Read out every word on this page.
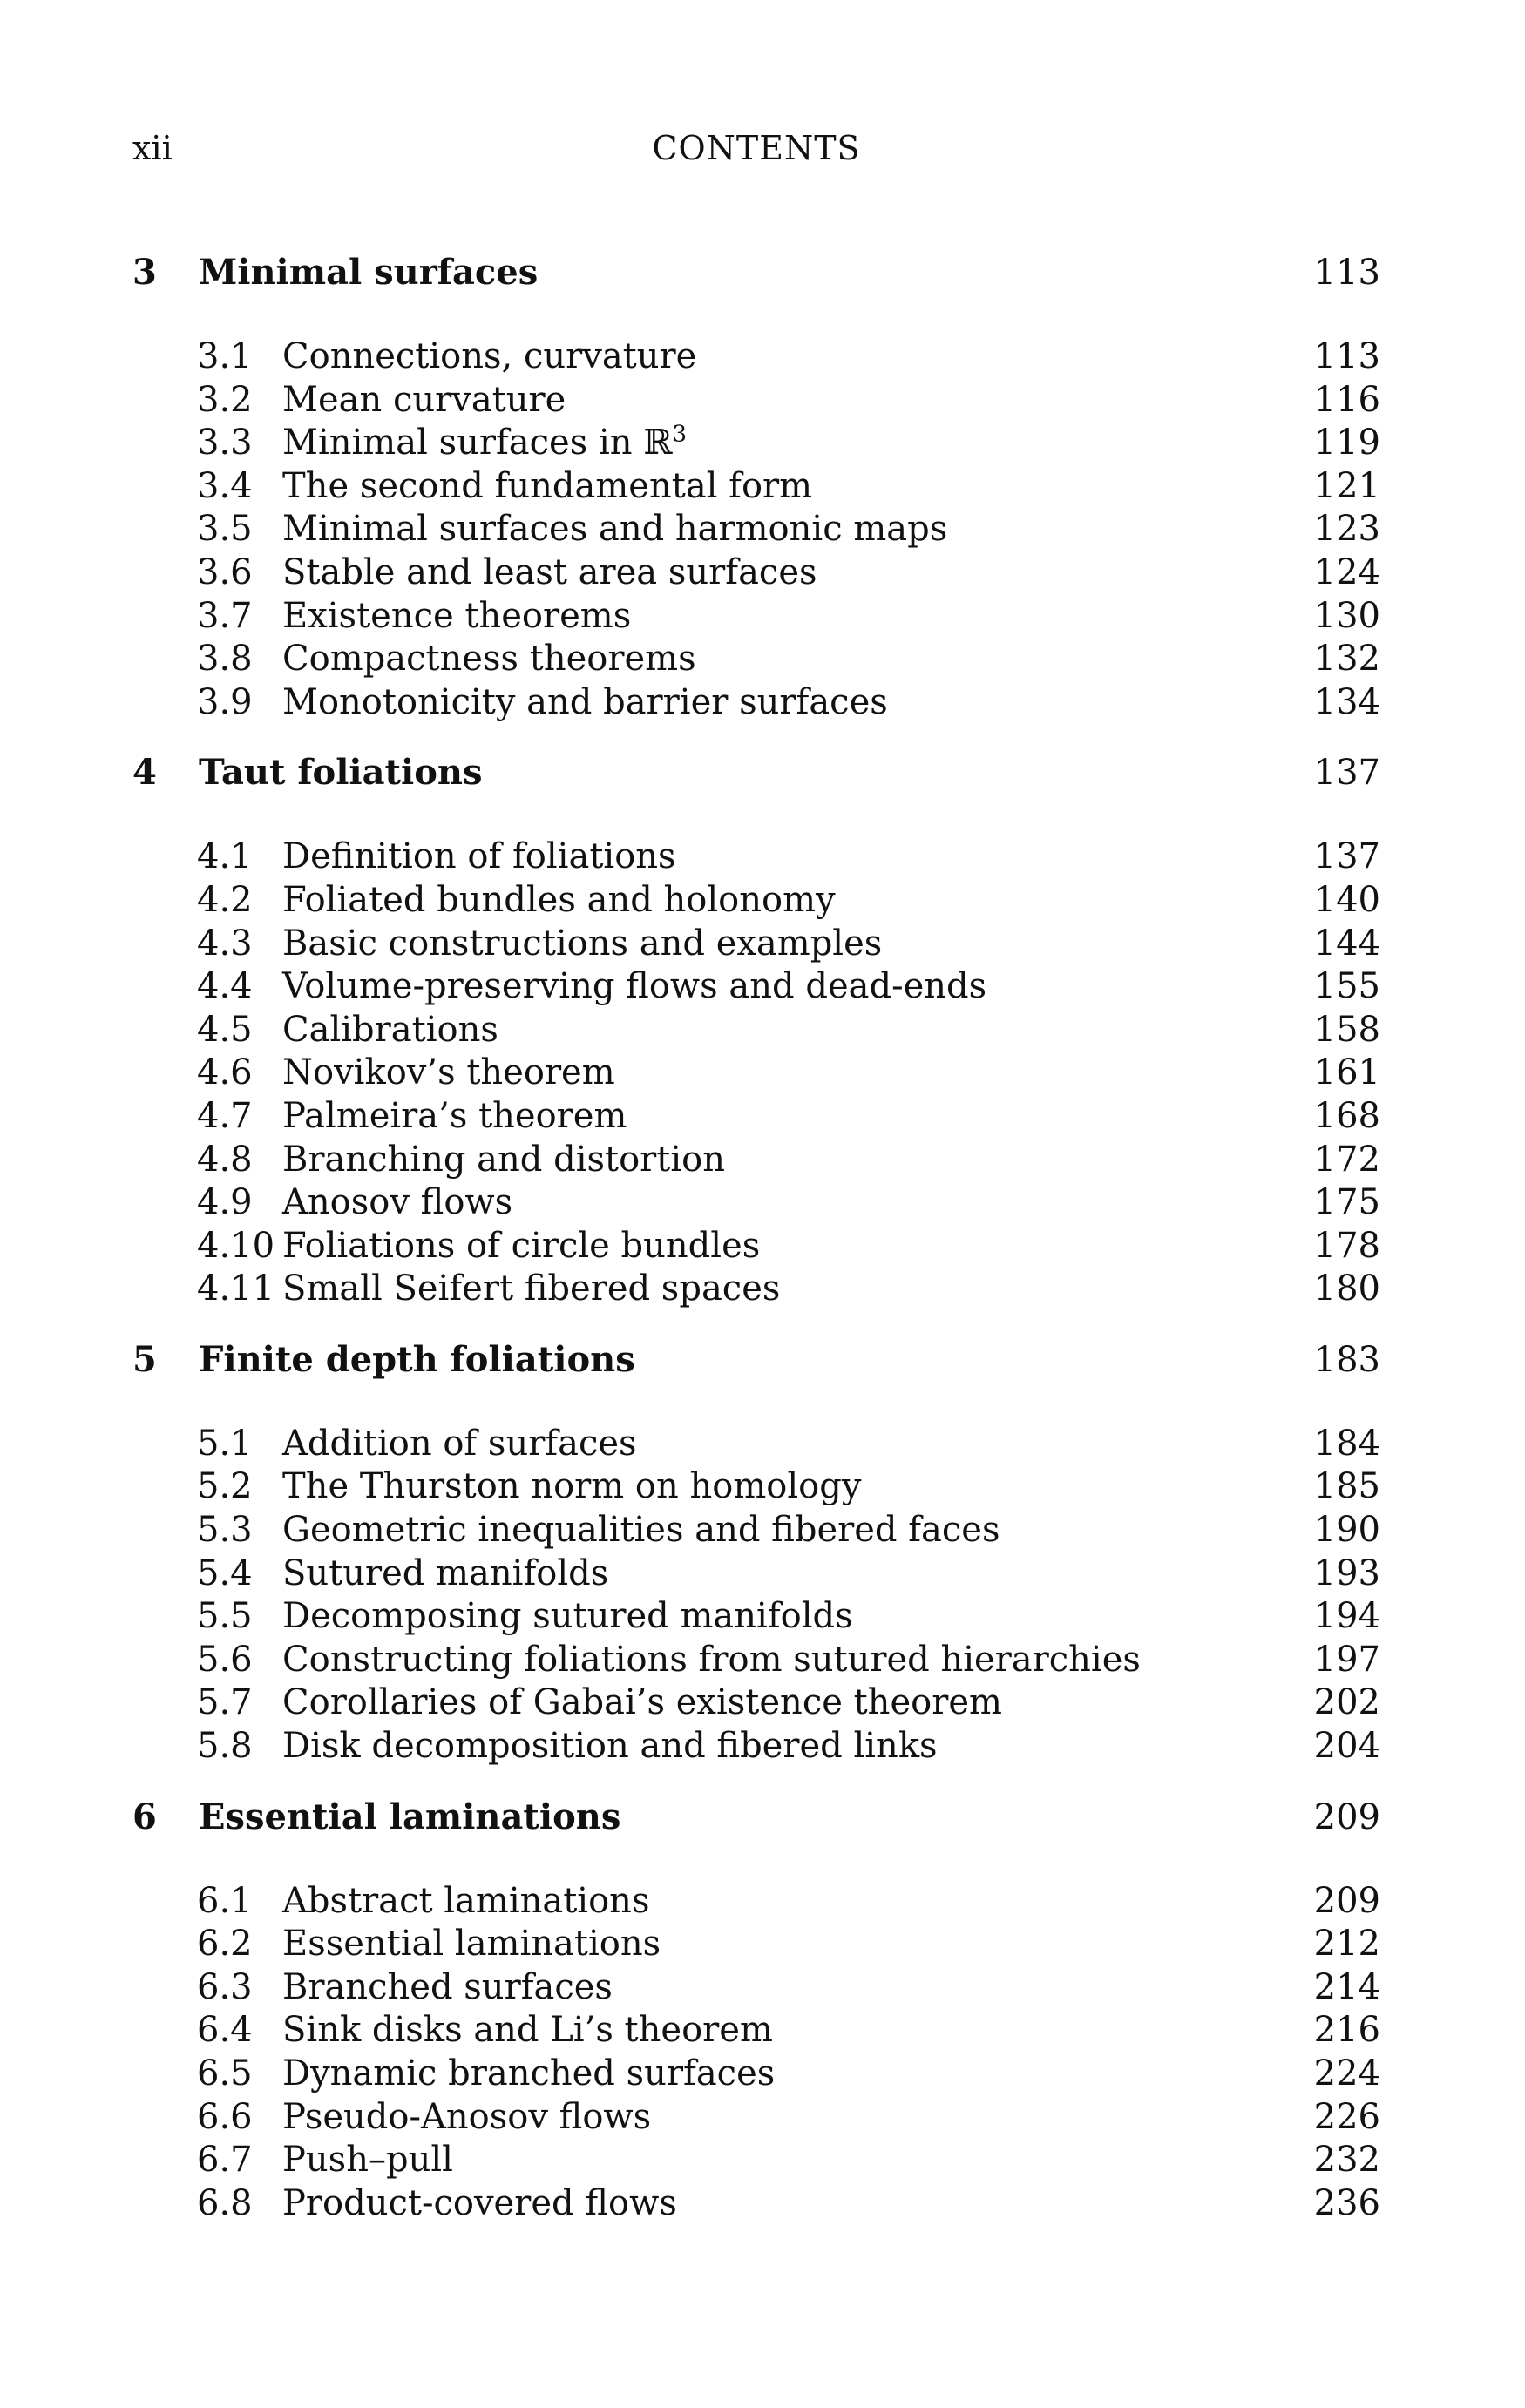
xii	CONTENTS
3 Minimal surfaces	113
3.1 Connections, curvature	113
3.2 Mean curvature	116
3.3 Minimal surfaces in ℝ$^3$	119
3.4 The second fundamental form	121
3.5 Minimal surfaces and harmonic maps	123
3.6 Stable and least area surfaces	124
3.7 Existence theorems	130
3.8 Compactness theorems	132
3.9 Monotonicity and barrier surfaces	134
4 Taut foliations	137
4.1 Definition of foliations	137
4.2 Foliated bundles and holonomy	140
4.3 Basic constructions and examples	144
4.4 Volume-preserving flows and dead-ends	155
4.5 Calibrations	158
4.6 Novikov’s theorem	161
4.7 Palmeira’s theorem	168
4.8 Branching and distortion	172
4.9 Anosov flows	175
4.10 Foliations of circle bundles	178
4.11 Small Seifert fibered spaces	180
5 Finite depth foliations	183
5.1 Addition of surfaces	184
5.2 The Thurston norm on homology	185
5.3 Geometric inequalities and fibered faces	190
5.4 Sutured manifolds	193
5.5 Decomposing sutured manifolds	194
5.6 Constructing foliations from sutured hierarchies	197
5.7 Corollaries of Gabai’s existence theorem	202
5.8 Disk decomposition and fibered links	204
6 Essential laminations	209
6.1 Abstract laminations	209
6.2 Essential laminations	212
6.3 Branched surfaces	214
6.4 Sink disks and Li’s theorem	216
6.5 Dynamic branched surfaces	224
6.6 Pseudo-Anosov flows	226
6.7 Push–pull	232
6.8 Product-covered flows	236
